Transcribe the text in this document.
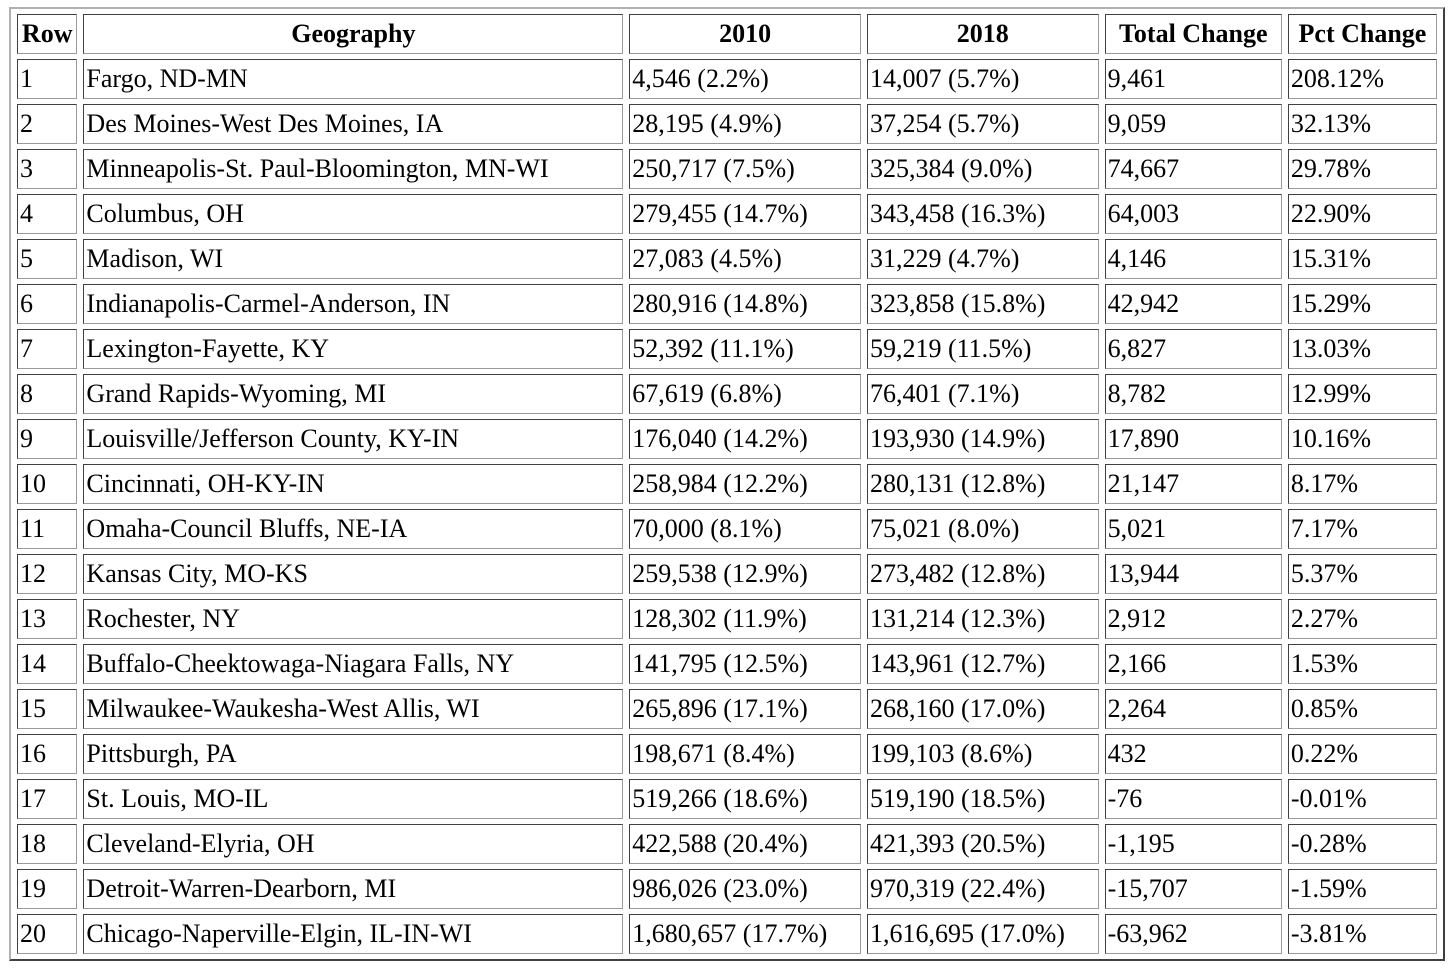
Row	Geography	2010	2018	Total Change	Pct Change
1	Fargo, ND-MN	4,546 (2.2%)	14,007 (5.7%)	9,461	208.12%
2	Des Moines-West Des Moines, IA	28,195 (4.9%)	37,254 (5.7%)	9,059	32.13%
3	Minneapolis-St. Paul-Bloomington, MN-WI	250,717 (7.5%)	325,384 (9.0%)	74,667	29.78%
4	Columbus, OH	279,455 (14.7%)	343,458 (16.3%)	64,003	22.90%
5	Madison, WI	27,083 (4.5%)	31,229 (4.7%)	4,146	15.31%
6	Indianapolis-Carmel-Anderson, IN	280,916 (14.8%)	323,858 (15.8%)	42,942	15.29%
7	Lexington-Fayette, KY	52,392 (11.1%)	59,219 (11.5%)	6,827	13.03%
8	Grand Rapids-Wyoming, MI	67,619 (6.8%)	76,401 (7.1%)	8,782	12.99%
9	Louisville/Jefferson County, KY-IN	176,040 (14.2%)	193,930 (14.9%)	17,890	10.16%
10	Cincinnati, OH-KY-IN	258,984 (12.2%)	280,131 (12.8%)	21,147	8.17%
11	Omaha-Council Bluffs, NE-IA	70,000 (8.1%)	75,021 (8.0%)	5,021	7.17%
12	Kansas City, MO-KS	259,538 (12.9%)	273,482 (12.8%)	13,944	5.37%
13	Rochester, NY	128,302 (11.9%)	131,214 (12.3%)	2,912	2.27%
14	Buffalo-Cheektowaga-Niagara Falls, NY	141,795 (12.5%)	143,961 (12.7%)	2,166	1.53%
15	Milwaukee-Waukesha-West Allis, WI	265,896 (17.1%)	268,160 (17.0%)	2,264	0.85%
16	Pittsburgh, PA	198,671 (8.4%)	199,103 (8.6%)	432	0.22%
17	St. Louis, MO-IL	519,266 (18.6%)	519,190 (18.5%)	-76	-0.01%
18	Cleveland-Elyria, OH	422,588 (20.4%)	421,393 (20.5%)	-1,195	-0.28%
19	Detroit-Warren-Dearborn, MI	986,026 (23.0%)	970,319 (22.4%)	-15,707	-1.59%
20	Chicago-Naperville-Elgin, IL-IN-WI	1,680,657 (17.7%)	1,616,695 (17.0%)	-63,962	-3.81%
